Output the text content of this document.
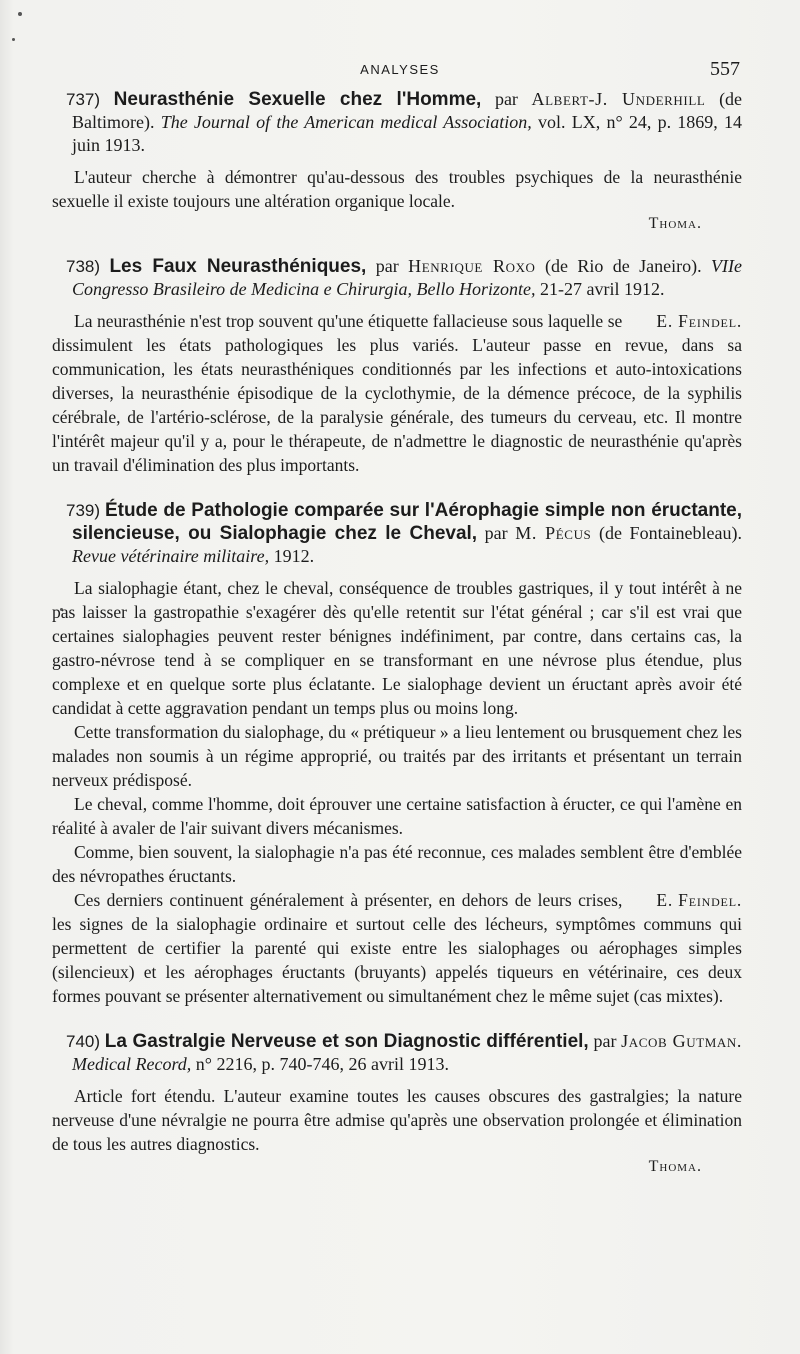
ANALYSES	557

737) Neurasthénie Sexuelle chez l'Homme, par Albert-J. Underhill (de Baltimore). The Journal of the American medical Association, vol. LX, n° 24, p. 1869, 14 juin 1913.

L'auteur cherche à démontrer qu'au-dessous des troubles psychiques de la neurasthénie sexuelle il existe toujours une altération organique locale.

Thoma.

738) Les Faux Neurasthéniques, par Henrique Roxo (de Rio de Janeiro). VIIe Congresso Brasileiro de Medicina e Chirurgia, Bello Horizonte, 21-27 avril 1912.

E. Feindel.
La neurasthénie n'est trop souvent qu'une étiquette fallacieuse sous laquelle se dissimulent les états pathologiques les plus variés. L'auteur passe en revue, dans sa communication, les états neurasthéniques conditionnés par les infections et auto-intoxications diverses, la neurasthénie épisodique de la cyclothymie, de la démence précoce, de la syphilis cérébrale, de l'artério-sclérose, de la paralysie générale, des tumeurs du cerveau, etc. Il montre l'intérêt majeur qu'il y a, pour le thérapeute, de n'admettre le diagnostic de neurasthénie qu'après un travail d'élimination des plus importants.

739) Étude de Pathologie comparée sur l'Aérophagie simple non éructante, silencieuse, ou Sialophagie chez le Cheval, par M. Pécus (de Fontainebleau). Revue vétérinaire militaire, 1912.

La sialophagie étant, chez le cheval, conséquence de troubles gastriques, il y tout intérêt à ne pas laisser la gastropathie s'exagérer dès qu'elle retentit sur l'état général ; car s'il est vrai que certaines sialophagies peuvent rester bénignes indéfiniment, par contre, dans certains cas, la gastro-névrose tend à se compliquer en se transformant en une névrose plus étendue, plus complexe et en quelque sorte plus éclatante. Le sialophage devient un éructant après avoir été candidat à cette aggravation pendant un temps plus ou moins long.

Cette transformation du sialophage, du « prétiqueur » a lieu lentement ou brusquement chez les malades non soumis à un régime approprié, ou traités par des irritants et présentant un terrain nerveux prédisposé.

Le cheval, comme l'homme, doit éprouver une certaine satisfaction à éructer, ce qui l'amène en réalité à avaler de l'air suivant divers mécanismes.

Comme, bien souvent, la sialophagie n'a pas été reconnue, ces malades semblent être d'emblée des névropathes éructants.

E. Feindel.
Ces derniers continuent généralement à présenter, en dehors de leurs crises, les signes de la sialophagie ordinaire et surtout celle des lécheurs, symptômes communs qui permettent de certifier la parenté qui existe entre les sialophages ou aérophages simples (silencieux) et les aérophages éructants (bruyants) appelés tiqueurs en vétérinaire, ces deux formes pouvant se présenter alternativement ou simultanément chez le même sujet (cas mixtes).

740) La Gastralgie Nerveuse et son Diagnostic différentiel, par Jacob Gutman. Medical Record, n° 2216, p. 740-746, 26 avril 1913.

Article fort étendu. L'auteur examine toutes les causes obscures des gastralgies; la nature nerveuse d'une névralgie ne pourra être admise qu'après une observation prolongée et élimination de tous les autres diagnostics.

Thoma.
